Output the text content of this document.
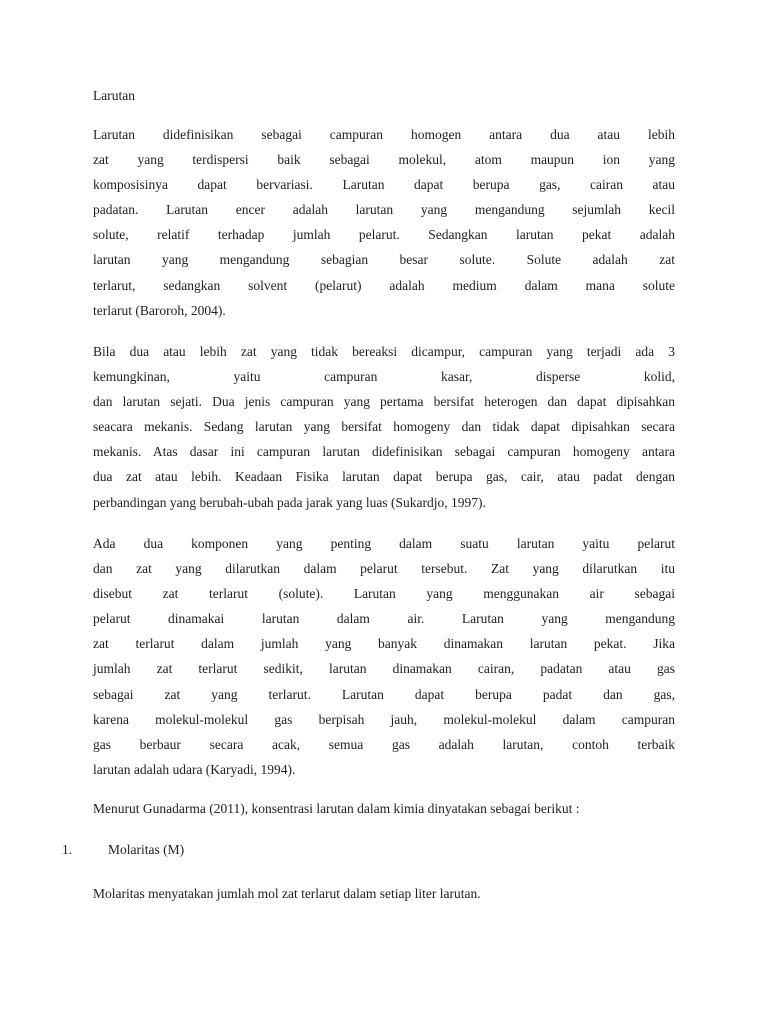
Larutan
Larutan didefinisikan sebagai campuran homogen antara dua atau lebih
zat yang terdispersi baik sebagai molekul, atom maupun ion yang
komposisinya dapat bervariasi. Larutan dapat berupa gas, cairan atau
padatan. Larutan encer adalah larutan yang mengandung sejumlah kecil
solute, relatif terhadap jumlah pelarut. Sedangkan larutan pekat adalah
larutan yang mengandung sebagian besar solute. Solute adalah zat
terlarut, sedangkan solvent (pelarut) adalah medium dalam mana solute
terlarut (Baroroh, 2004).
Bila dua atau lebih zat yang tidak bereaksi dicampur, campuran yang terjadi ada 3
kemungkinan, yaitu campuran kasar, disperse kolid,
dan larutan sejati. Dua jenis campuran yang pertama bersifat heterogen dan dapat dipisahkan
seacara mekanis. Sedang larutan yang bersifat homogeny dan tidak dapat dipisahkan secara
mekanis. Atas dasar ini campuran larutan didefinisikan sebagai campuran homogeny antara
dua zat atau lebih. Keadaan Fisika larutan dapat berupa gas, cair, atau padat dengan
perbandingan yang berubah-ubah pada jarak yang luas (Sukardjo, 1997).
Ada dua komponen yang penting dalam suatu larutan yaitu pelarut
dan zat yang dilarutkan dalam pelarut tersebut. Zat yang dilarutkan itu
disebut zat terlarut (solute). Larutan yang menggunakan air sebagai
pelarut dinamakai larutan dalam air. Larutan yang mengandung
zat terlarut dalam jumlah yang banyak dinamakan larutan pekat. Jika
jumlah zat terlarut sedikit, larutan dinamakan cairan, padatan atau gas
sebagai zat yang terlarut. Larutan dapat berupa padat dan gas,
karena molekul-molekul gas berpisah jauh, molekul-molekul dalam campuran
gas berbaur secara acak, semua gas adalah larutan, contoh terbaik
larutan adalah udara (Karyadi, 1994).
Menurut Gunadarma (2011), konsentrasi larutan dalam kimia dinyatakan sebagai berikut :
1.	Molaritas (M)
Molaritas menyatakan jumlah mol zat terlarut dalam setiap liter larutan.
